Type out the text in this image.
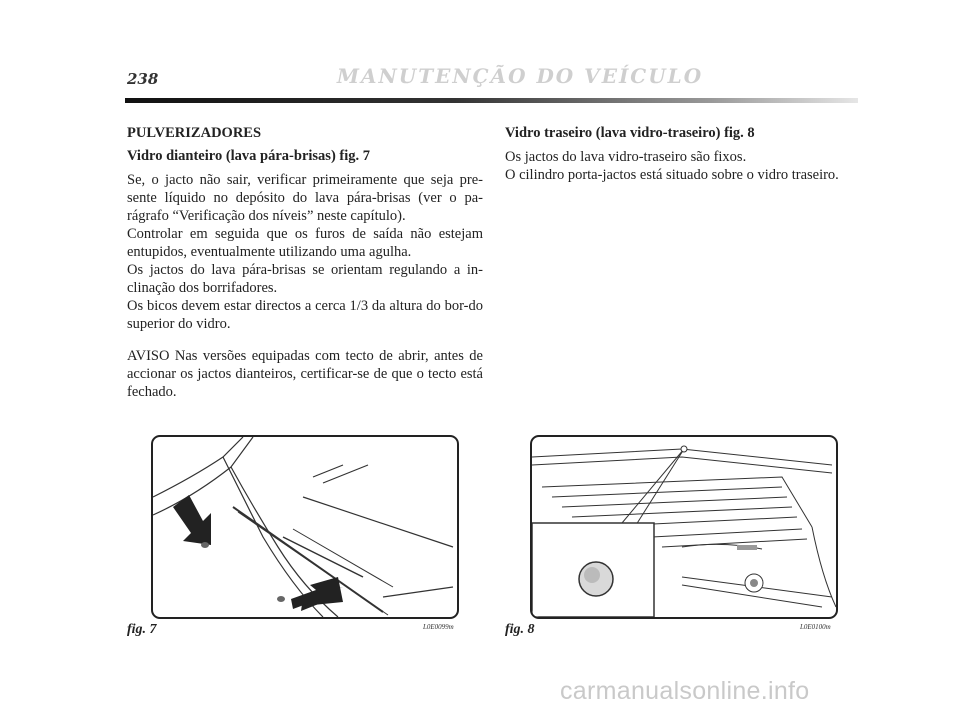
238	MANUTENÇÃO DO VEÍCULO

PULVERIZADORES

Vidro dianteiro (lava pára-brisas) fig. 7

Se, o jacto não sair, verificar primeiramente que seja pre-sente líquido no depósito do lava pára-brisas (ver o pa-rágrafo “Verificação dos níveis” neste capítulo).

Controlar em seguida que os furos de saída não estejam entupidos, eventualmente utilizando uma agulha.

Os jactos do lava pára-brisas se orientam regulando a in-clinação dos borrifadores.

Os bicos devem estar directos a cerca 1/3 da altura do bor-do superior do vidro.

AVISO Nas versões equipadas com tecto de abrir, antes de accionar os jactos dianteiros, certificar-se de que o tecto está fechado.

Vidro traseiro (lava vidro-traseiro) fig. 8

Os jactos do lava vidro-traseiro são fixos.

O cilindro porta-jactos está situado sobre o vidro traseiro.

fig. 7	L0E0099m	fig. 8	L0E0100m
carmanualsonline.info
